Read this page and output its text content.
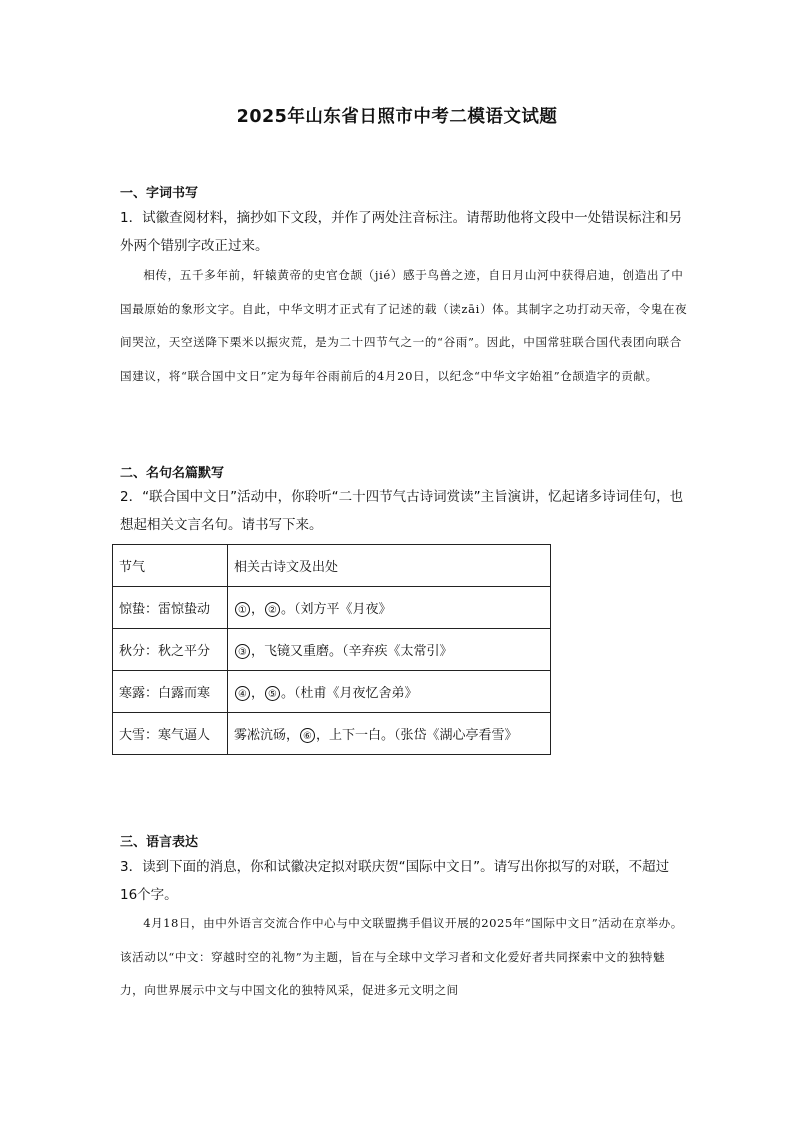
2025年山东省日照市中考二模语文试题
一、字词书写
1．试徽查阅材料，摘抄如下文段，并作了两处注音标注。请帮助他将文段中一处错误标注和另外两个错别字改正过来。
相传，五千多年前，轩辕黄帝的史官仓颉（jié）感于鸟兽之迹，自日月山河中获得启迪，创造出了中国最原始的象形文字。自此，中华文明才正式有了记述的载（读zāi）体。其制字之功打动天帝，令鬼在夜间哭泣，天空送降下栗米以振灾荒，是为二十四节气之一的“谷雨”。因此，中国常驻联合国代表团向联合国建议，将“联合国中文日”定为每年谷雨前后的4月20日，以纪念“中华文字始祖”仓颉造字的贡献。
二、名句名篇默写
2．“联合国中文日”活动中，你聆听“二十四节气古诗词赏读”主旨演讲，忆起诸多诗词佳句，也想起相关文言名句。请书写下来。
节气	相关古诗文及出处
惊蛰：雷惊蛰动	① ， ② 。（刘方平《月夜》
秋分：秋之平分	③ ，飞镜又重磨。（辛弃疾《太常引》
寒露：白露而寒	④ ， ⑤ 。（杜甫《月夜忆舍弟》
大雪：寒气逼人	雾凇沆砀， ⑥ ，上下一白。（张岱《湖心亭看雪》
三、语言表达
3．读到下面的消息，你和试徽决定拟对联庆贺“国际中文日”。请写出你拟写的对联，不超过16个字。
4月18日，由中外语言交流合作中心与中文联盟携手倡议开展的2025年“国际中文日”活动在京举办。该活动以“中文：穿越时空的礼物”为主题，旨在与全球中文学习者和文化爱好者共同探索中文的独特魅力，向世界展示中文与中国文化的独特风采，促进多元文明之间
